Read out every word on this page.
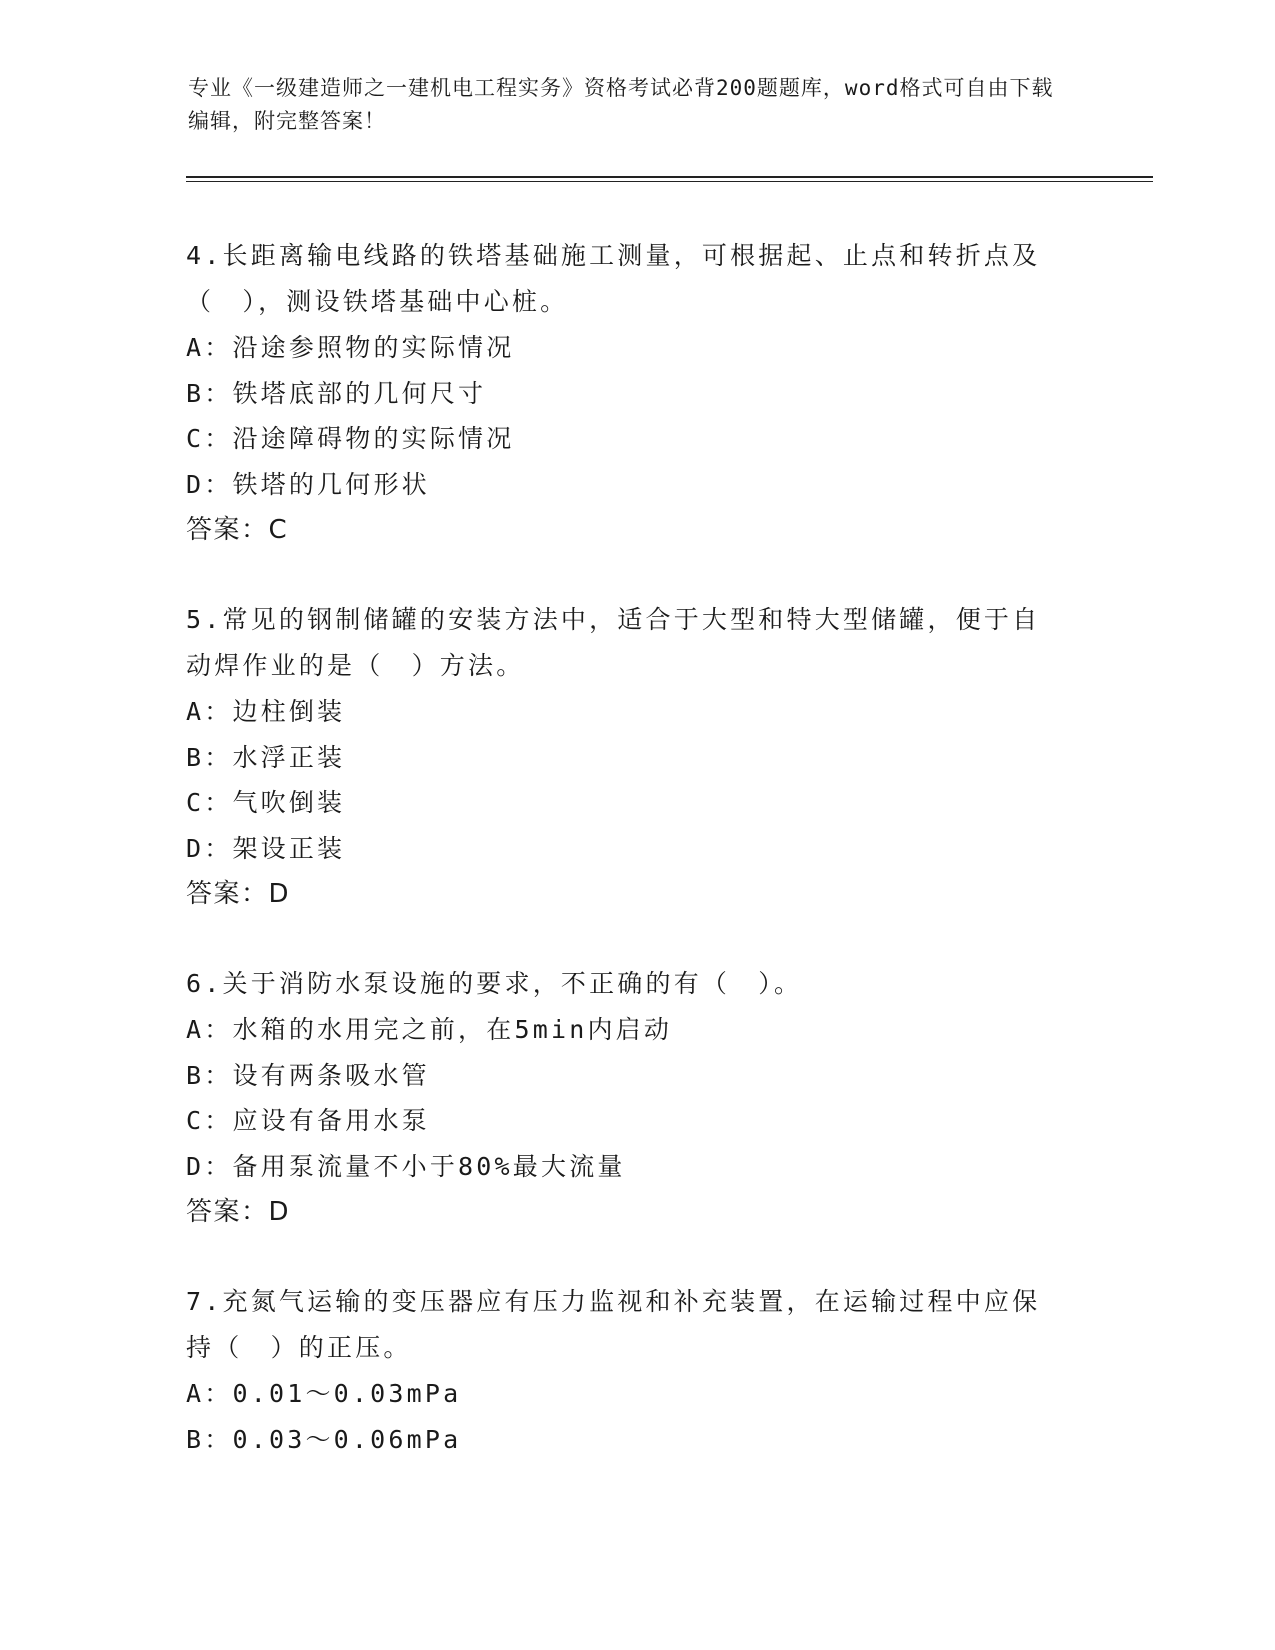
专业《一级建造师之一建机电工程实务》资格考试必背200题题库，word格式可自由下载编辑，附完整答案！
4.长距离输电线路的铁塔基础施工测量，可根据起、止点和转折点及（　），测设铁塔基础中心桩。
A：沿途参照物的实际情况
B：铁塔底部的几何尺寸
C：沿途障碍物的实际情况
D：铁塔的几何形状
答案：C
5.常见的钢制储罐的安装方法中，适合于大型和特大型储罐，便于自动焊作业的是（　）方法。
A：边柱倒装
B：水浮正装
C：气吹倒装
D：架设正装
答案：D
6.关于消防水泵设施的要求，不正确的有（　）。
A：水箱的水用完之前，在5min内启动
B：设有两条吸水管
C：应设有备用水泵
D：备用泵流量不小于80%最大流量
答案：D
7.充氮气运输的变压器应有压力监视和补充装置，在运输过程中应保持（　）的正压。
A：0.01～0.03mPa
B：0.03～0.06mPa
